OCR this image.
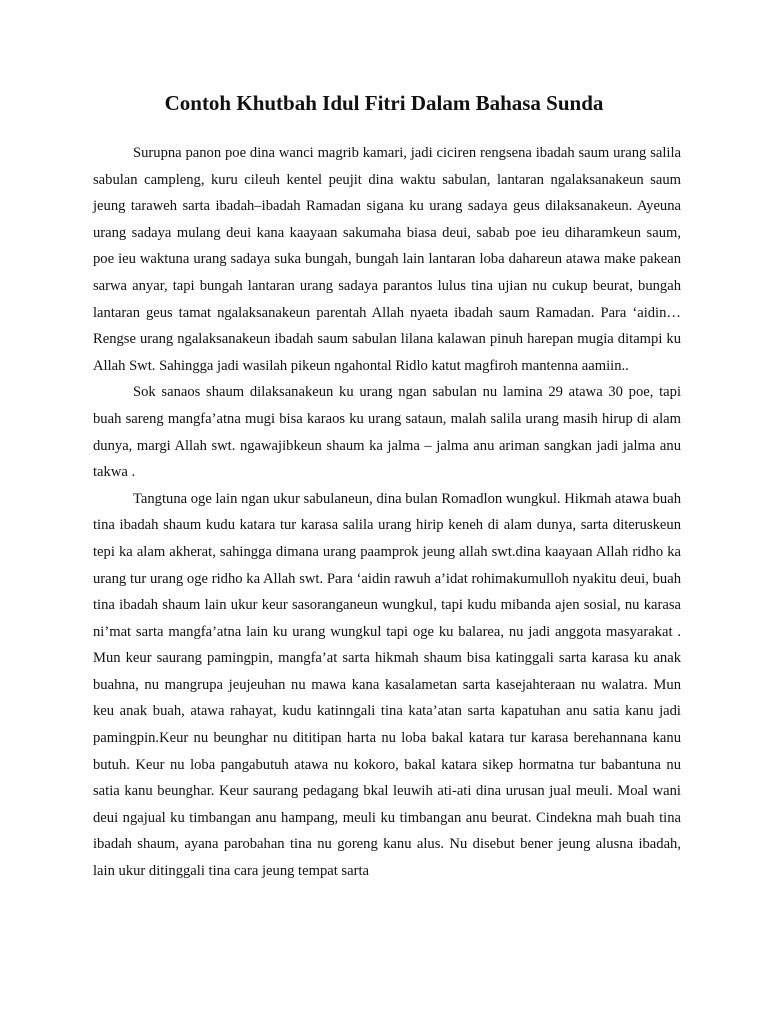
Contoh Khutbah Idul Fitri Dalam Bahasa Sunda

Surupna panon poe dina wanci magrib kamari, jadi ciciren rengsena ibadah saum urang salila sabulan campleng, kuru cileuh kentel peujit dina waktu sabulan, lantaran ngalaksanakeun saum jeung taraweh sarta ibadah–ibadah Ramadan sigana ku urang sadaya geus dilaksanakeun. Ayeuna urang sadaya mulang deui kana kaayaan sakumaha biasa deui, sabab poe ieu diharamkeun saum, poe ieu waktuna urang sadaya suka bungah, bungah lain lantaran loba dahareun atawa make pakean sarwa anyar, tapi bungah lantaran urang sadaya parantos lulus tina ujian nu cukup beurat, bungah lantaran geus tamat ngalaksanakeun parentah Allah nyaeta ibadah saum Ramadan. Para ‘aidin… Rengse urang ngalaksanakeun ibadah saum sabulan lilana kalawan pinuh harepan mugia ditampi ku Allah Swt. Sahingga jadi wasilah pikeun ngahontal Ridlo katut magfiroh mantenna aamiin..

Sok sanaos shaum dilaksanakeun ku urang ngan sabulan nu lamina 29 atawa 30 poe, tapi buah sareng mangfa’atna mugi bisa karaos ku urang sataun, malah salila urang masih hirup di alam dunya, margi Allah swt. ngawajibkeun shaum ka jalma – jalma anu ariman sangkan jadi jalma anu takwa .

Tangtuna oge lain ngan ukur sabulaneun, dina bulan Romadlon wungkul. Hikmah atawa buah tina ibadah shaum kudu katara tur karasa salila urang hirip keneh di alam dunya, sarta diteruskeun tepi ka alam akherat, sahingga dimana urang paamprok jeung allah swt.dina kaayaan Allah ridho ka urang tur urang oge ridho ka Allah swt. Para ‘aidin rawuh a’idat rohimakumulloh nyakitu deui, buah tina ibadah shaum lain ukur keur sasoranganeun wungkul, tapi kudu mibanda ajen sosial, nu karasa ni’mat sarta mangfa’atna lain ku urang wungkul tapi oge ku balarea, nu jadi anggota masyarakat . Mun keur saurang pamingpin, mangfa’at sarta hikmah shaum bisa katinggali sarta karasa ku anak buahna, nu mangrupa jeujeuhan nu mawa kana kasalametan sarta kasejahteraan nu walatra. Mun keu anak buah, atawa rahayat, kudu katinngali tina kata’atan sarta kapatuhan anu satia kanu jadi pamingpin.Keur nu beunghar nu dititipan harta nu loba bakal katara tur karasa berehannana kanu butuh. Keur nu loba pangabutuh atawa nu kokoro, bakal katara sikep hormatna tur babantuna nu satia kanu beunghar. Keur saurang pedagang bkal leuwih ati-ati dina urusan jual meuli. Moal wani deui ngajual ku timbangan anu hampang, meuli ku timbangan anu beurat. Cindekna mah buah tina ibadah shaum, ayana parobahan tina nu goreng kanu alus. Nu disebut bener jeung alusna ibadah, lain ukur ditinggali tina cara jeung tempat sarta
